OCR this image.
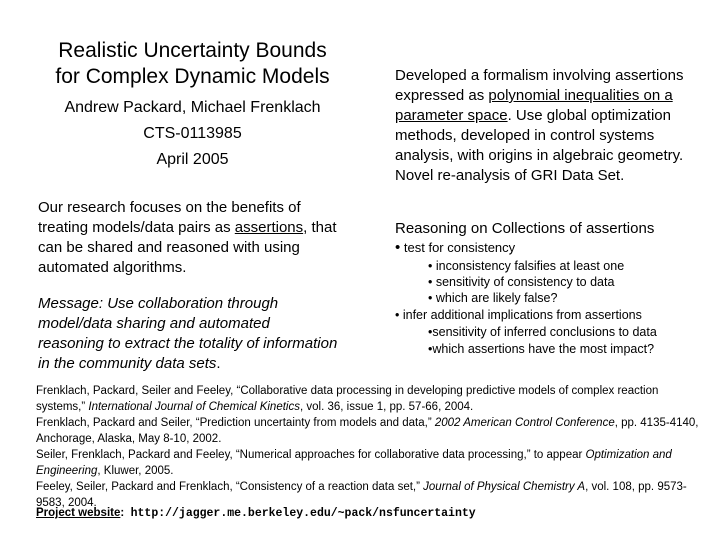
Realistic Uncertainty Bounds
for Complex Dynamic Models
Andrew Packard, Michael Frenklach
CTS-0113985
April 2005
Our research focuses on the benefits of treating models/data pairs as assertions, that can be shared and reasoned with using automated algorithms.
Message: Use collaboration through model/data sharing and automated reasoning to extract the totality of information in the community data sets.
Developed a formalism involving assertions expressed as polynomial inequalities on a parameter space. Use global optimization methods, developed in control systems analysis, with origins in algebraic geometry. Novel re-analysis of GRI Data Set.
Reasoning on Collections of assertions
• test for consistency
• inconsistency falsifies at least one
• sensitivity of consistency to data
• which are likely false?
• infer additional implications from assertions
•sensitivity of inferred conclusions to data
•which assertions have the most impact?

Frenklach, Packard, Seiler and Feeley, “Collaborative data processing in developing predictive models of complex reaction systems,” International Journal of Chemical Kinetics, vol. 36, issue 1, pp. 57-66, 2004.

Frenklach, Packard and Seiler, “Prediction uncertainty from models and data,” 2002 American Control Conference, pp. 4135-4140, Anchorage, Alaska, May 8-10, 2002.

Seiler, Frenklach, Packard and Feeley, “Numerical approaches for collaborative data processing,” to appear Optimization and Engineering, Kluwer, 2005.

Feeley, Seiler, Packard and Frenklach, “Consistency of a reaction data set,” Journal of Physical Chemistry A, vol. 108, pp. 9573-9583, 2004.

Project website: http://jagger.me.berkeley.edu/~pack/nsfuncertainty
